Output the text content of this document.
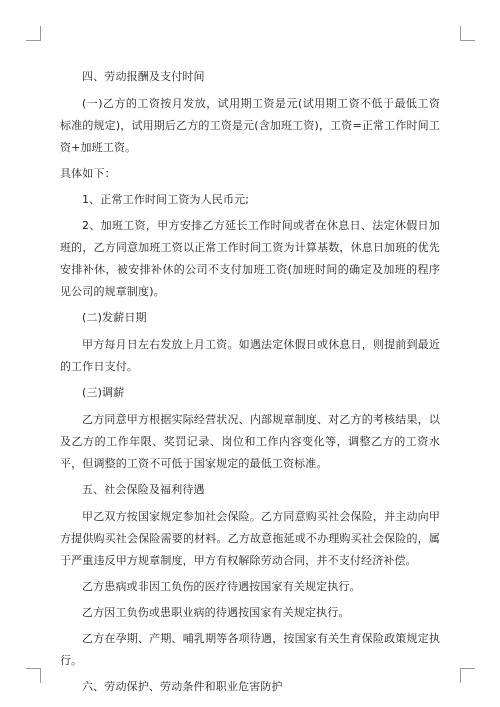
四、劳动报酬及支付时间

(一)乙方的工资按月发放，试用期工资是元(试用期工资不低于最低工资标准的规定)，试用期后乙方的工资是元(含加班工资)，工资=正常工作时间工资+加班工资。

具体如下：

1、正常工作时间工资为人民币元;

2、加班工资，甲方安排乙方延长工作时间或者在休息日、法定休假日加班的，乙方同意加班工资以正常工作时间工资为计算基数，休息日加班的优先安排补休，被安排补休的公司不支付加班工资(加班时间的确定及加班的程序见公司的规章制度)。

(二)发薪日期

甲方每月日左右发放上月工资。如遇法定休假日或休息日，则提前到最近的工作日支付。

(三)调薪

乙方同意甲方根据实际经营状况、内部规章制度、对乙方的考核结果，以及乙方的工作年限、奖罚记录、岗位和工作内容变化等，调整乙方的工资水平，但调整的工资不可低于国家规定的最低工资标准。

五、社会保险及福利待遇

甲乙双方按国家规定参加社会保险。乙方同意购买社会保险，并主动向甲方提供购买社会保险需要的材料。乙方故意拖延或不办理购买社会保险的，属于严重违反甲方规章制度，甲方有权解除劳动合同，并不支付经济补偿。

乙方患病或非因工负伤的医疗待遇按国家有关规定执行。

乙方因工负伤或患职业病的待遇按国家有关规定执行。

乙方在孕期、产期、哺乳期等各项待遇，按国家有关生育保险政策规定执行。

六、劳动保护、劳动条件和职业危害防护
